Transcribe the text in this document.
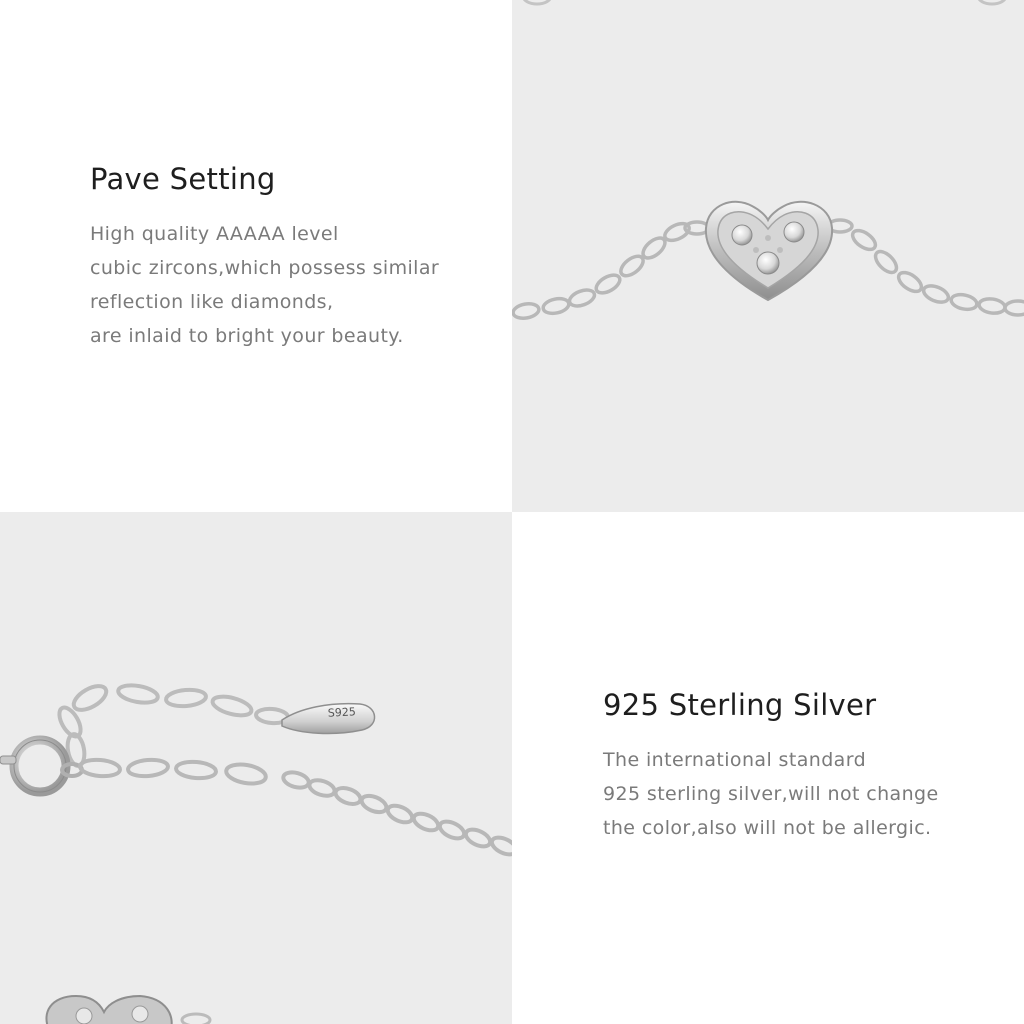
Pave Setting

High quality AAAAA level
cubic zircons,which possess similar
reflection like diamonds,
are inlaid to bright your beauty.

S925	925 Sterling Silver

The international standard
925 sterling silver,will not change
the color,also will not be allergic.
